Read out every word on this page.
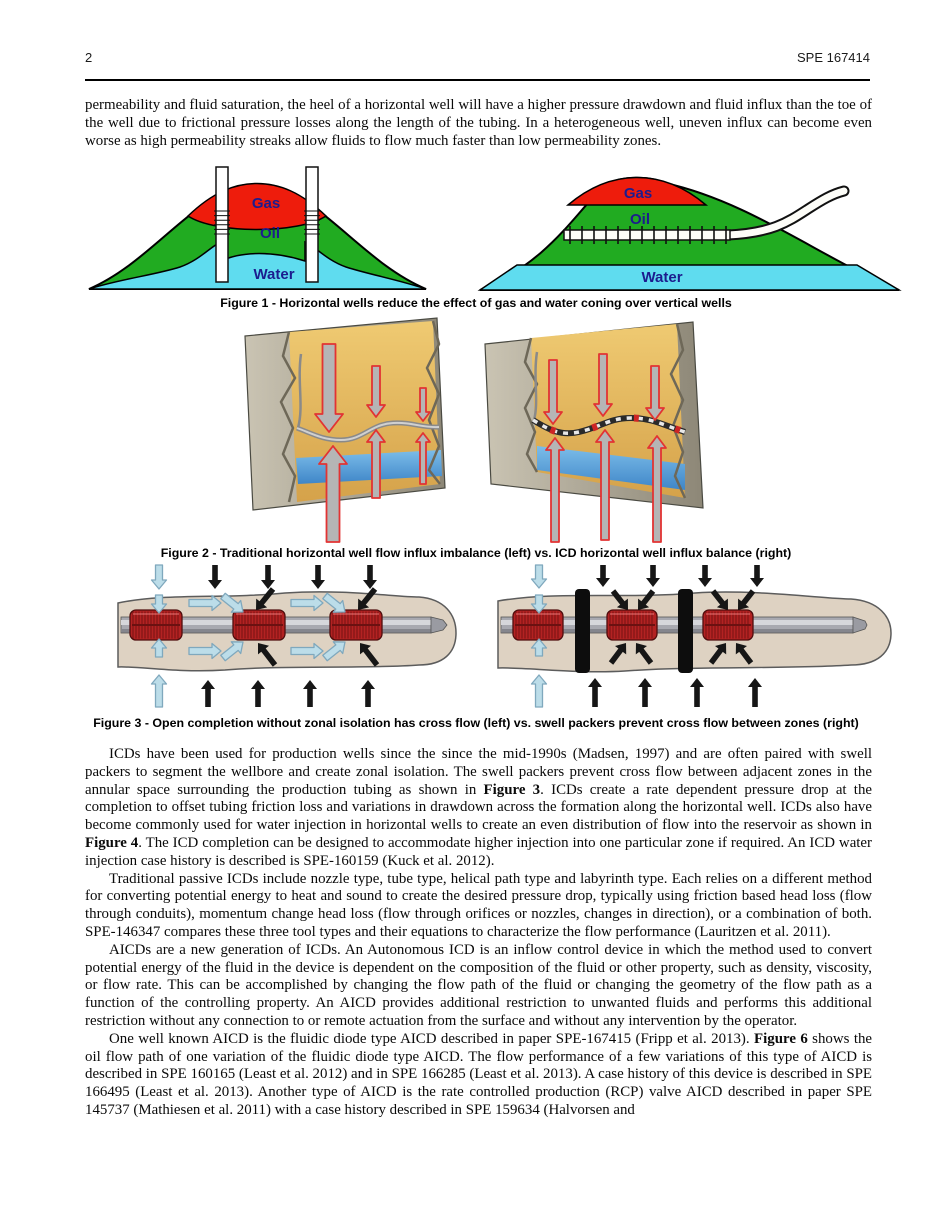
2	SPE 167414

permeability and fluid saturation, the heel of a horizontal well will have a higher pressure drawdown and fluid influx than the toe of the well due to frictional pressure losses along the length of the tubing. In a heterogeneous well, uneven influx can become even worse as high permeability streaks allow fluids to flow much faster than low permeability zones.

Gas
Oil
Water
Gas
Oil
Water
Figure 1 - Horizontal wells reduce the effect of gas and water coning over vertical wells
Figure 2 - Traditional horizontal well flow influx imbalance (left) vs. ICD horizontal well influx balance (right)
Figure 3 - Open completion without zonal isolation has cross flow (left) vs. swell packers prevent cross flow between zones (right)

ICDs have been used for production wells since the since the mid-1990s (Madsen, 1997) and are often paired with swell packers to segment the wellbore and create zonal isolation. The swell packers prevent cross flow between adjacent zones in the annular space surrounding the production tubing as shown in Figure 3. ICDs create a rate dependent pressure drop at the completion to offset tubing friction loss and variations in drawdown across the formation along the horizontal well. ICDs also have become commonly used for water injection in horizontal wells to create an even distribution of flow into the reservoir as shown in Figure 4. The ICD completion can be designed to accommodate higher injection into one particular zone if required. An ICD water injection case history is described is SPE-160159 (Kuck et al. 2012).

Traditional passive ICDs include nozzle type, tube type, helical path type and labyrinth type. Each relies on a different method for converting potential energy to heat and sound to create the desired pressure drop, typically using friction based head loss (flow through conduits), momentum change head loss (flow through orifices or nozzles, changes in direction), or a combination of both. SPE-146347 compares these three tool types and their equations to characterize the flow performance (Lauritzen et al. 2011).

AICDs are a new generation of ICDs. An Autonomous ICD is an inflow control device in which the method used to convert potential energy of the fluid in the device is dependent on the composition of the fluid or other property, such as density, viscosity, or flow rate. This can be accomplished by changing the flow path of the fluid or changing the geometry of the flow path as a function of the controlling property. An AICD provides additional restriction to unwanted fluids and performs this additional restriction without any connection to or remote actuation from the surface and without any intervention by the operator.

One well known AICD is the fluidic diode type AICD described in paper SPE-167415 (Fripp et al. 2013). Figure 6 shows the oil flow path of one variation of the fluidic diode type AICD. The flow performance of a few variations of this type of AICD is described in SPE 160165 (Least et al. 2012) and in SPE 166285 (Least et al. 2013). A case history of this device is described in SPE 166495 (Least et al. 2013). Another type of AICD is the rate controlled production (RCP) valve AICD described in paper SPE 145737 (Mathiesen et al. 2011) with a case history described in SPE 159634 (Halvorsen and
